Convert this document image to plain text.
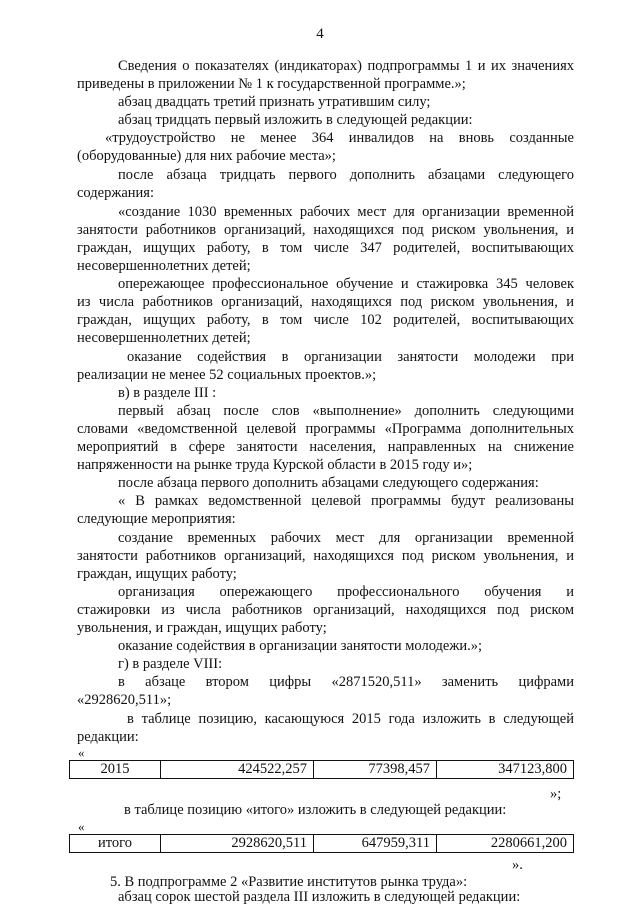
4
Сведения о показателях (индикаторах) подпрограммы 1 и их значениях
приведены в приложении № 1 к государственной программе.»;
абзац двадцать третий признать утратившим силу;
абзац тридцать первый изложить в следующей редакции:
«трудоустройство не менее 364 инвалидов на вновь созданные
(оборудованные) для них рабочие места»;
после абзаца тридцать первого дополнить абзацами следующего
содержания:
«создание 1030 временных рабочих мест для организации временной
занятости работников организаций, находящихся под риском увольнения, и
граждан, ищущих работу, в том числе 347 родителей, воспитывающих
несовершеннолетних детей;
опережающее профессиональное обучение и стажировка 345 человек
из числа работников организаций, находящихся под риском увольнения, и
граждан, ищущих работу, в том числе 102 родителей, воспитывающих
несовершеннолетних детей;
оказание содействия в организации занятости молодежи при
реализации не менее 52 социальных проектов.»;
в) в разделе III :
первый абзац после слов «выполнение» дополнить следующими
словами «ведомственной целевой программы «Программа дополнительных
мероприятий в сфере занятости населения, направленных на снижение
напряженности на рынке труда Курской области в 2015 году и»;
после абзаца первого дополнить абзацами следующего содержания:
« В рамках ведомственной целевой программы будут реализованы
следующие мероприятия:
создание временных рабочих мест для организации временной
занятости работников организаций, находящихся под риском увольнения, и
граждан, ищущих работу;
организация опережающего профессионального обучения и
стажировки из числа работников организаций, находящихся под риском
увольнения, и граждан, ищущих работу;
оказание содействия в организации занятости молодежи.»;
г) в разделе VIII:
в абзаце втором цифры «2871520,511» заменить цифрами
«2928620,511»;
в таблице позицию, касающуюся 2015 года изложить в следующей
редакции:
«
2015	424522,257	77398,457	347123,800
»;
в таблице позицию «итого» изложить в следующей редакции:
«
итого	2928620,511	647959,311	2280661,200
».
5. В подпрограмме 2 «Развитие институтов рынка труда»:
абзац сорок шестой раздела III изложить в следующей редакции:
